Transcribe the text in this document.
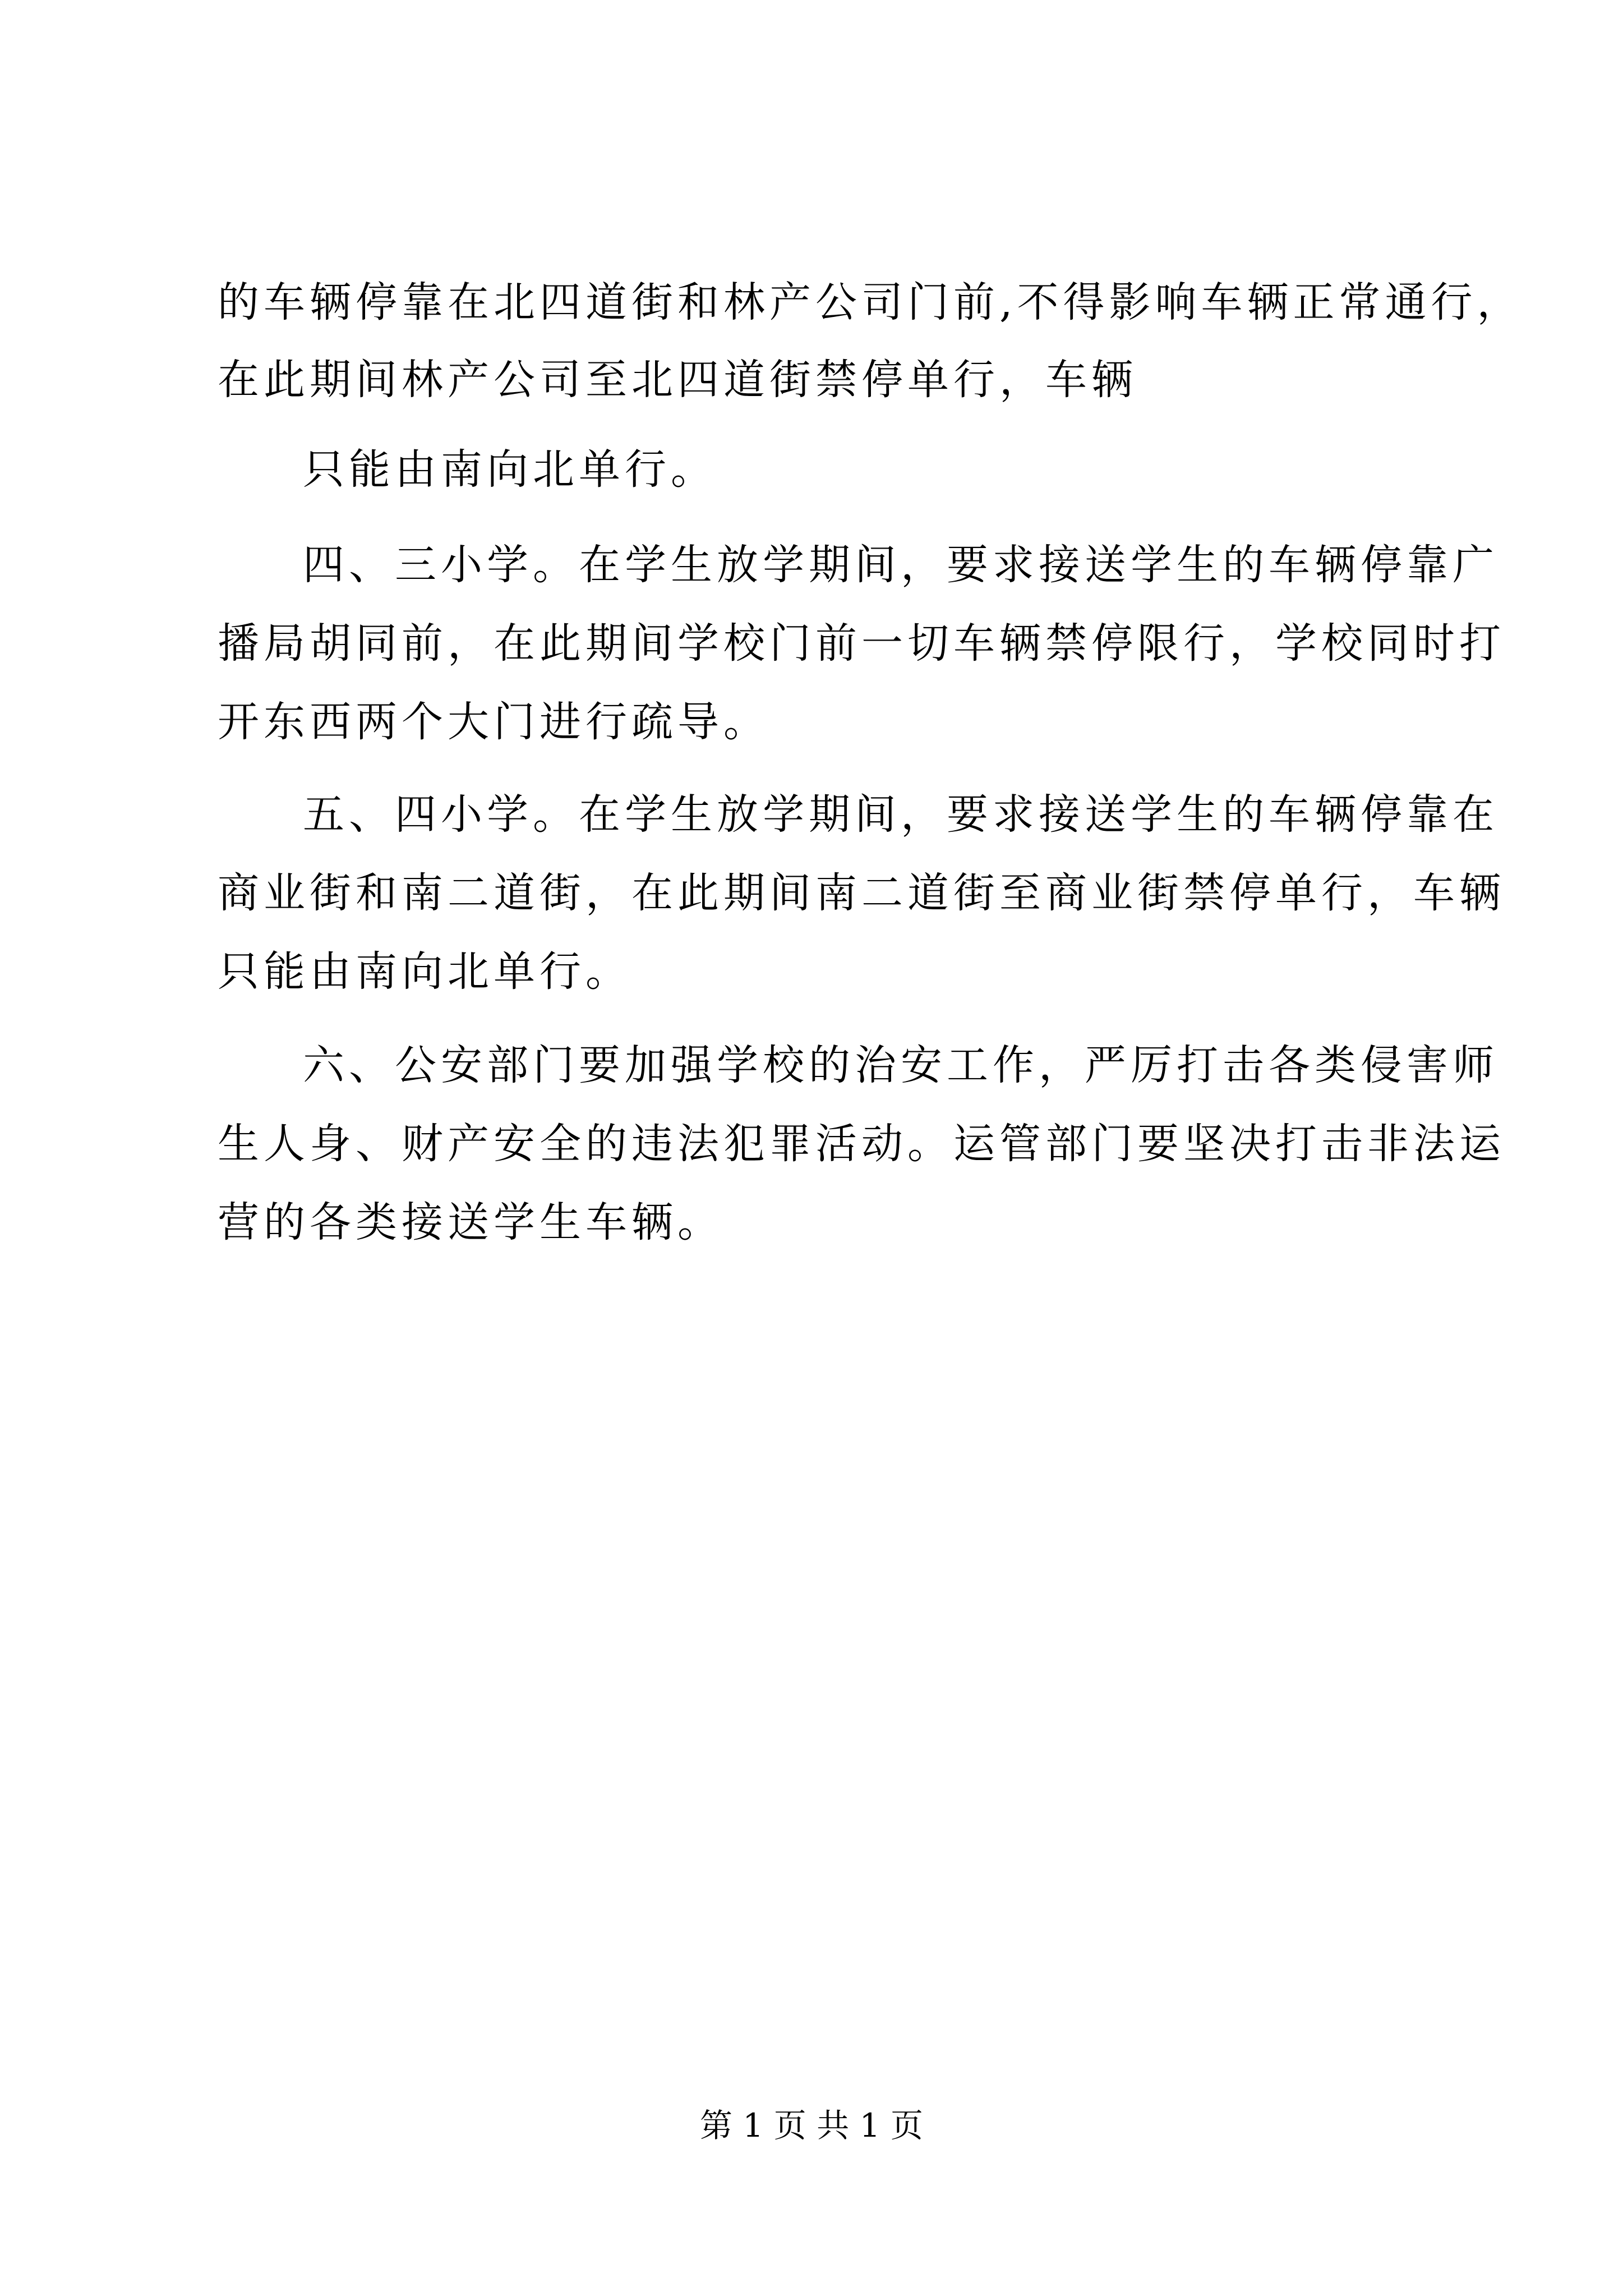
的车辆停靠在北四道街和林产公司门前,不得影响车辆正常通行，
在此期间林产公司至北四道街禁停单行，车辆
只能由南向北单行。
四、三小学。在学生放学期间，要求接送学生的车辆停靠广
播局胡同前，在此期间学校门前一切车辆禁停限行，学校同时打
开东西两个大门进行疏导。
五、四小学。在学生放学期间，要求接送学生的车辆停靠在
商业街和南二道街，在此期间南二道街至商业街禁停单行，车辆
只能由南向北单行。
六、公安部门要加强学校的治安工作，严厉打击各类侵害师
生人身、财产安全的违法犯罪活动。运管部门要坚决打击非法运
营的各类接送学生车辆。
第 1 页 共 1 页
